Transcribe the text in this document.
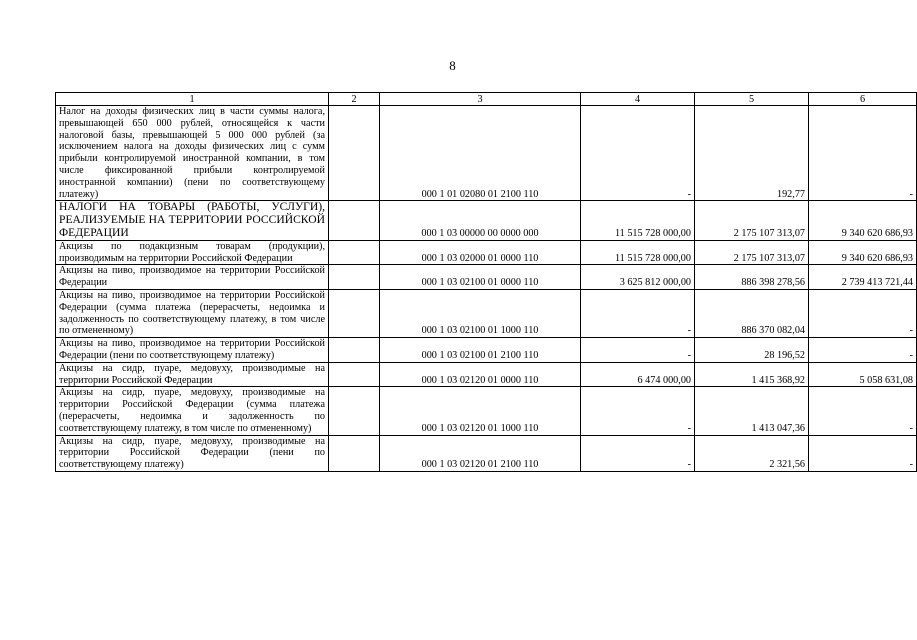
8
1	2	3	4	5	6
Налог на доходы физических лиц в части суммы налога, превышающей 650 000 рублей, относящейся к части налоговой базы, превышающей 5 000 000 рублей (за исключением налога на доходы физических лиц с сумм прибыли контролируемой иностранной компании, в том числе фиксированной прибыли контролируемой иностранной компании) (пени по соответствующему платежу)		000 1 01 02080 01 2100 110	-	192,77	-
НАЛОГИ НА ТОВАРЫ (РАБОТЫ, УСЛУГИ), РЕАЛИЗУЕМЫЕ НА ТЕРРИТОРИИ РОССИЙСКОЙ ФЕДЕРАЦИИ		000 1 03 00000 00 0000 000	11 515 728 000,00	2 175 107 313,07	9 340 620 686,93
Акцизы по подакцизным товарам (продукции), производимым на территории Российской Федерации		000 1 03 02000 01 0000 110	11 515 728 000,00	2 175 107 313,07	9 340 620 686,93
Акцизы на пиво, производимое на территории Российской Федерации		000 1 03 02100 01 0000 110	3 625 812 000,00	886 398 278,56	2 739 413 721,44
Акцизы на пиво, производимое на территории Российской Федерации (сумма платежа (перерасчеты, недоимка и задолженность по соответствующему платежу, в том числе по отмененному)		000 1 03 02100 01 1000 110	-	886 370 082,04	-
Акцизы на пиво, производимое на территории Российской Федерации (пени по соответствующему платежу)		000 1 03 02100 01 2100 110	-	28 196,52	-
Акцизы на сидр, пуаре, медовуху, производимые на территории Российской Федерации		000 1 03 02120 01 0000 110	6 474 000,00	1 415 368,92	5 058 631,08
Акцизы на сидр, пуаре, медовуху, производимые на территории Российской Федерации (сумма платежа (перерасчеты, недоимка и задолженность по соответствующему платежу, в том числе по отмененному)		000 1 03 02120 01 1000 110	-	1 413 047,36	-
Акцизы на сидр, пуаре, медовуху, производимые на территории Российской Федерации (пени по соответствующему платежу)		000 1 03 02120 01 2100 110	-	2 321,56	-
